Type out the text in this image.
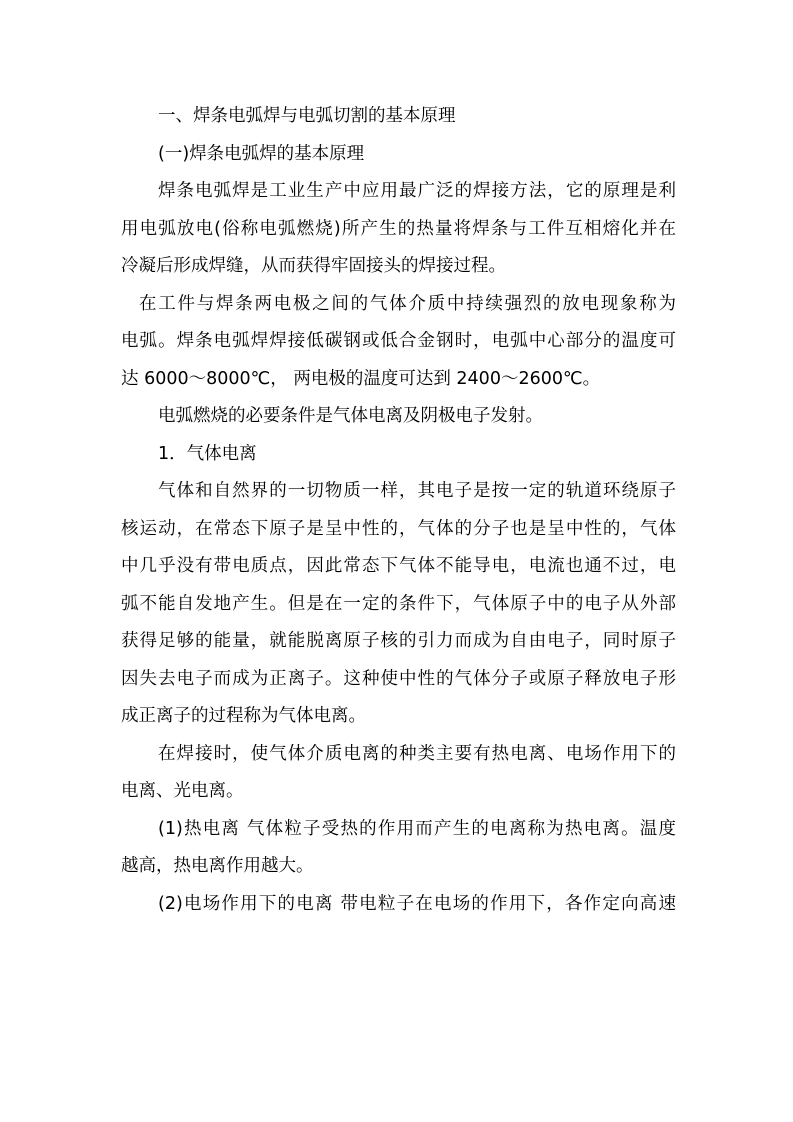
一、焊条电弧焊与电弧切割的基本原理
(一)焊条电弧焊的基本原理
焊条电弧焊是工业生产中应用最广泛的焊接方法，它的原理是利
用电弧放电(俗称电弧燃烧)所产生的热量将焊条与工件互相熔化并在
冷凝后形成焊缝，从而获得牢固接头的焊接过程。
在工件与焊条两电极之间的气体介质中持续强烈的放电现象称为
电弧。焊条电弧焊焊接低碳钢或低合金钢时，电弧中心部分的温度可
达 6000～8000℃， 两电极的温度可达到 2400～2600℃。
电弧燃烧的必要条件是气体电离及阴极电子发射。
1．气体电离
气体和自然界的一切物质一样，其电子是按一定的轨道环绕原子
核运动，在常态下原子是呈中性的，气体的分子也是呈中性的，气体
中几乎没有带电质点，因此常态下气体不能导电，电流也通不过，电
弧不能自发地产生。但是在一定的条件下，气体原子中的电子从外部
获得足够的能量，就能脱离原子核的引力而成为自由电子，同时原子
因失去电子而成为正离子。这种使中性的气体分子或原子释放电子形
成正离子的过程称为气体电离。
在焊接时，使气体介质电离的种类主要有热电离、电场作用下的
电离、光电离。
(1)热电离 气体粒子受热的作用而产生的电离称为热电离。温度
越高，热电离作用越大。
(2)电场作用下的电离 带电粒子在电场的作用下，各作定向高速
